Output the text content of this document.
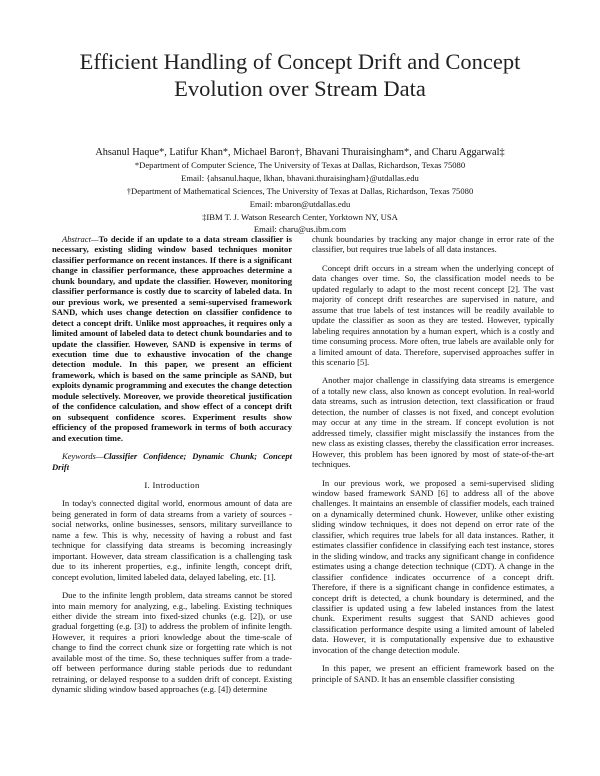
Efficient Handling of Concept Drift and Concept Evolution over Stream Data
Ahsanul Haque*, Latifur Khan*, Michael Baron†, Bhavani Thuraisingham*, and Charu Aggarwal‡
*Department of Computer Science, The University of Texas at Dallas, Richardson, Texas 75080
Email: {ahsanul.haque, lkhan, bhavani.thuraisingham}@utdallas.edu
†Department of Mathematical Sciences, The University of Texas at Dallas, Richardson, Texas 75080
Email: mbaron@utdallas.edu
‡IBM T. J. Watson Research Center, Yorktown NY, USA
Email: charu@us.ibm.com

Abstract—To decide if an update to a data stream classifier is necessary, existing sliding window based techniques monitor classifier performance on recent instances. If there is a significant change in classifier performance, these approaches determine a chunk boundary, and update the classifier. However, monitoring classifier performance is costly due to scarcity of labeled data. In our previous work, we presented a semi-supervised framework SAND, which uses change detection on classifier confidence to detect a concept drift. Unlike most approaches, it requires only a limited amount of labeled data to detect chunk boundaries and to update the classifier. However, SAND is expensive in terms of execution time due to exhaustive invocation of the change detection module. In this paper, we present an efficient framework, which is based on the same principle as SAND, but exploits dynamic programming and executes the change detection module selectively. Moreover, we provide theoretical justification of the confidence calculation, and show effect of a concept drift on subsequent confidence scores. Experiment results show efficiency of the proposed framework in terms of both accuracy and execution time.

Keywords—Classifier Confidence; Dynamic Chunk; Concept Drift

I. Introduction

In today's connected digital world, enormous amount of data are being generated in form of data streams from a variety of sources - social networks, online businesses, sensors, military surveillance to name a few. This is why, necessity of having a robust and fast technique for classifying data streams is becoming increasingly important. However, data stream classification is a challenging task due to its inherent properties, e.g., infinite length, concept drift, concept evolution, limited labeled data, delayed labeling, etc. [1].

Due to the infinite length problem, data streams cannot be stored into main memory for analyzing, e.g., labeling. Existing techniques either divide the stream into fixed-sized chunks (e.g. [2]), or use gradual forgetting (e.g. [3]) to address the problem of infinite length. However, it requires a priori knowledge about the time-scale of change to find the correct chunk size or forgetting rate which is not available most of the time. So, these techniques suffer from a trade-off between performance during stable periods due to redundant retraining, or delayed response to a sudden drift of concept. Existing dynamic sliding window based approaches (e.g. [4]) determine

chunk boundaries by tracking any major change in error rate of the classifier, but requires true labels of all data instances.

Concept drift occurs in a stream when the underlying concept of data changes over time. So, the classification model needs to be updated regularly to adapt to the most recent concept [2]. The vast majority of concept drift researches are supervised in nature, and assume that true labels of test instances will be readily available to update the classifier as soon as they are tested. However, typically labeling requires annotation by a human expert, which is a costly and time consuming process. More often, true labels are available only for a limited amount of data. Therefore, supervised approaches suffer in this scenario [5].

Another major challenge in classifying data streams is emergence of a totally new class, also known as concept evolution. In real-world data streams, such as intrusion detection, text classification or fraud detection, the number of classes is not fixed, and concept evolution may occur at any time in the stream. If concept evolution is not addressed timely, classifier might misclassify the instances from the new class as existing classes, thereby the classification error increases. However, this problem has been ignored by most of state-of-the-art techniques.

In our previous work, we proposed a semi-supervised sliding window based framework SAND [6] to address all of the above challenges. It maintains an ensemble of classifier models, each trained on a dynamically determined chunk. However, unlike other existing sliding window techniques, it does not depend on error rate of the classifier, which requires true labels for all data instances. Rather, it estimates classifier confidence in classifying each test instance, stores in the sliding window, and tracks any significant change in confidence estimates using a change detection technique (CDT). A change in the classifier confidence indicates occurrence of a concept drift. Therefore, if there is a significant change in confidence estimates, a concept drift is detected, a chunk boundary is determined, and the classifier is updated using a few labeled instances from the latest chunk. Experiment results suggest that SAND achieves good classification performance despite using a limited amount of labeled data. However, it is computationally expensive due to exhaustive invocation of the change detection module.

In this paper, we present an efficient framework based on the principle of SAND. It has an ensemble classifier consisting
